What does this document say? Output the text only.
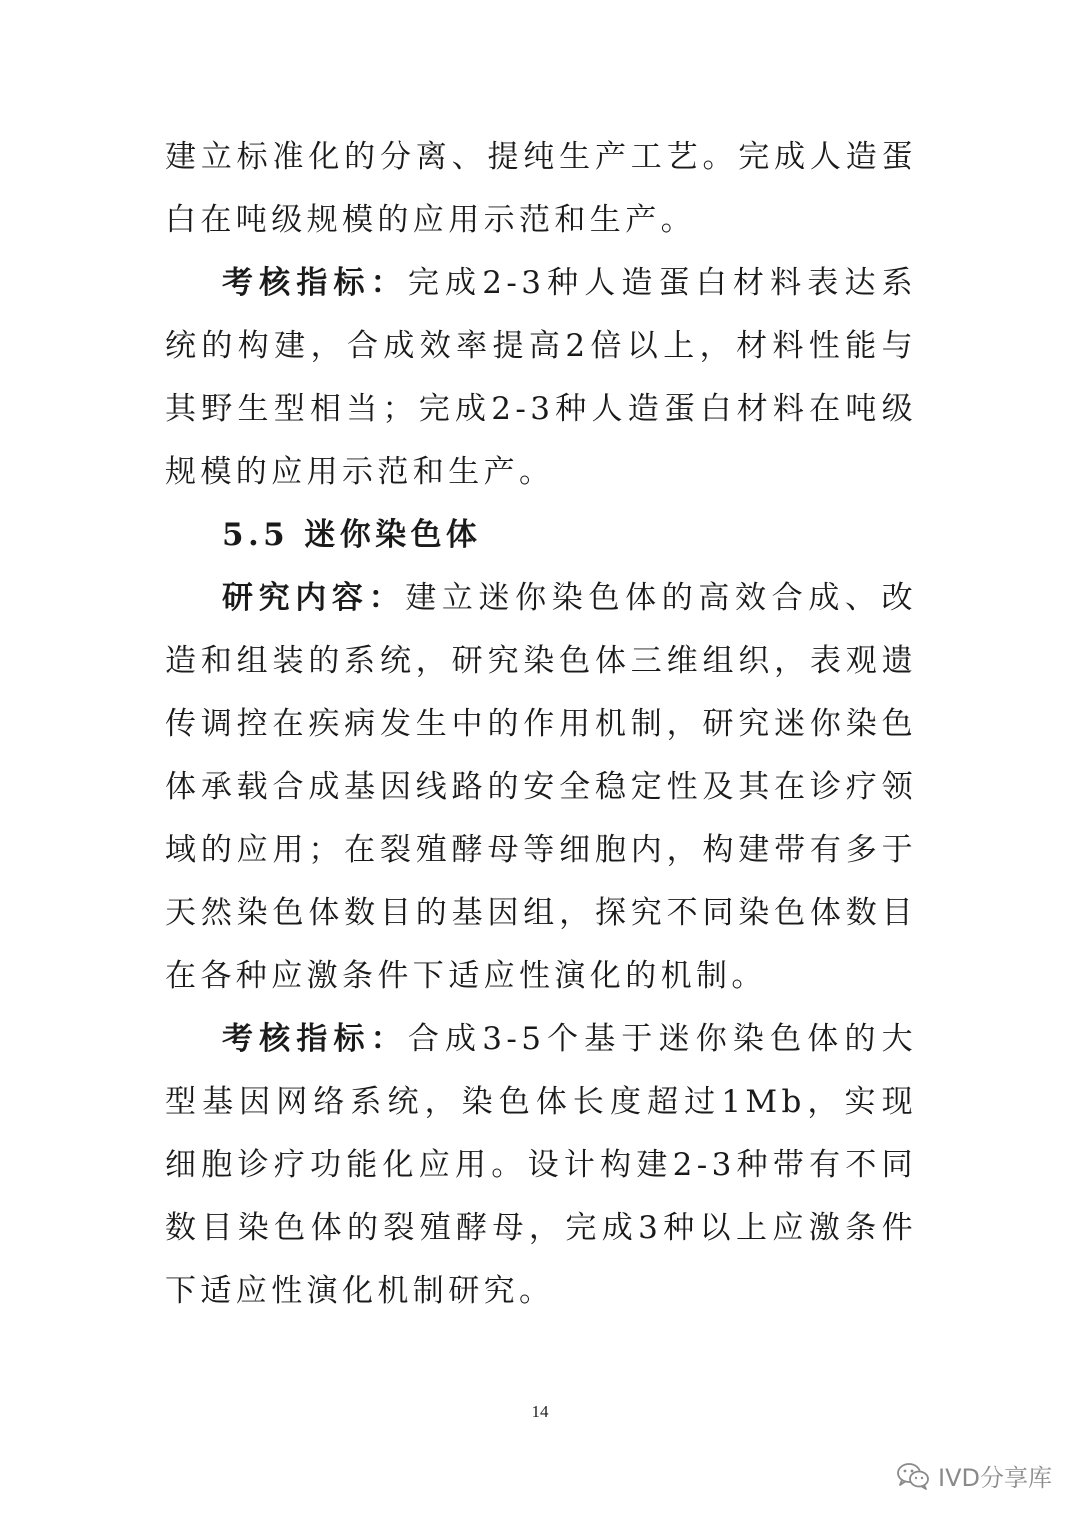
建立标准化的分离、提纯生产工艺。完成人造蛋白在吨级规模的应用示范和生产。

考核指标：完成2-3种人造蛋白材料表达系统的构建，合成效率提高2倍以上，材料性能与其野生型相当；完成2-3种人造蛋白材料在吨级规模的应用示范和生产。

5.5 迷你染色体

研究内容：建立迷你染色体的高效合成、改造和组装的系统，研究染色体三维组织，表观遗传调控在疾病发生中的作用机制，研究迷你染色体承载合成基因线路的安全稳定性及其在诊疗领域的应用；在裂殖酵母等细胞内，构建带有多于天然染色体数目的基因组，探究不同染色体数目在各种应激条件下适应性演化的机制。

考核指标：合成3-5个基于迷你染色体的大型基因网络系统，染色体长度超过1Mb，实现细胞诊疗功能化应用。设计构建2-3种带有不同数目染色体的裂殖酵母，完成3种以上应激条件下适应性演化机制研究。

14
IVD分享库
